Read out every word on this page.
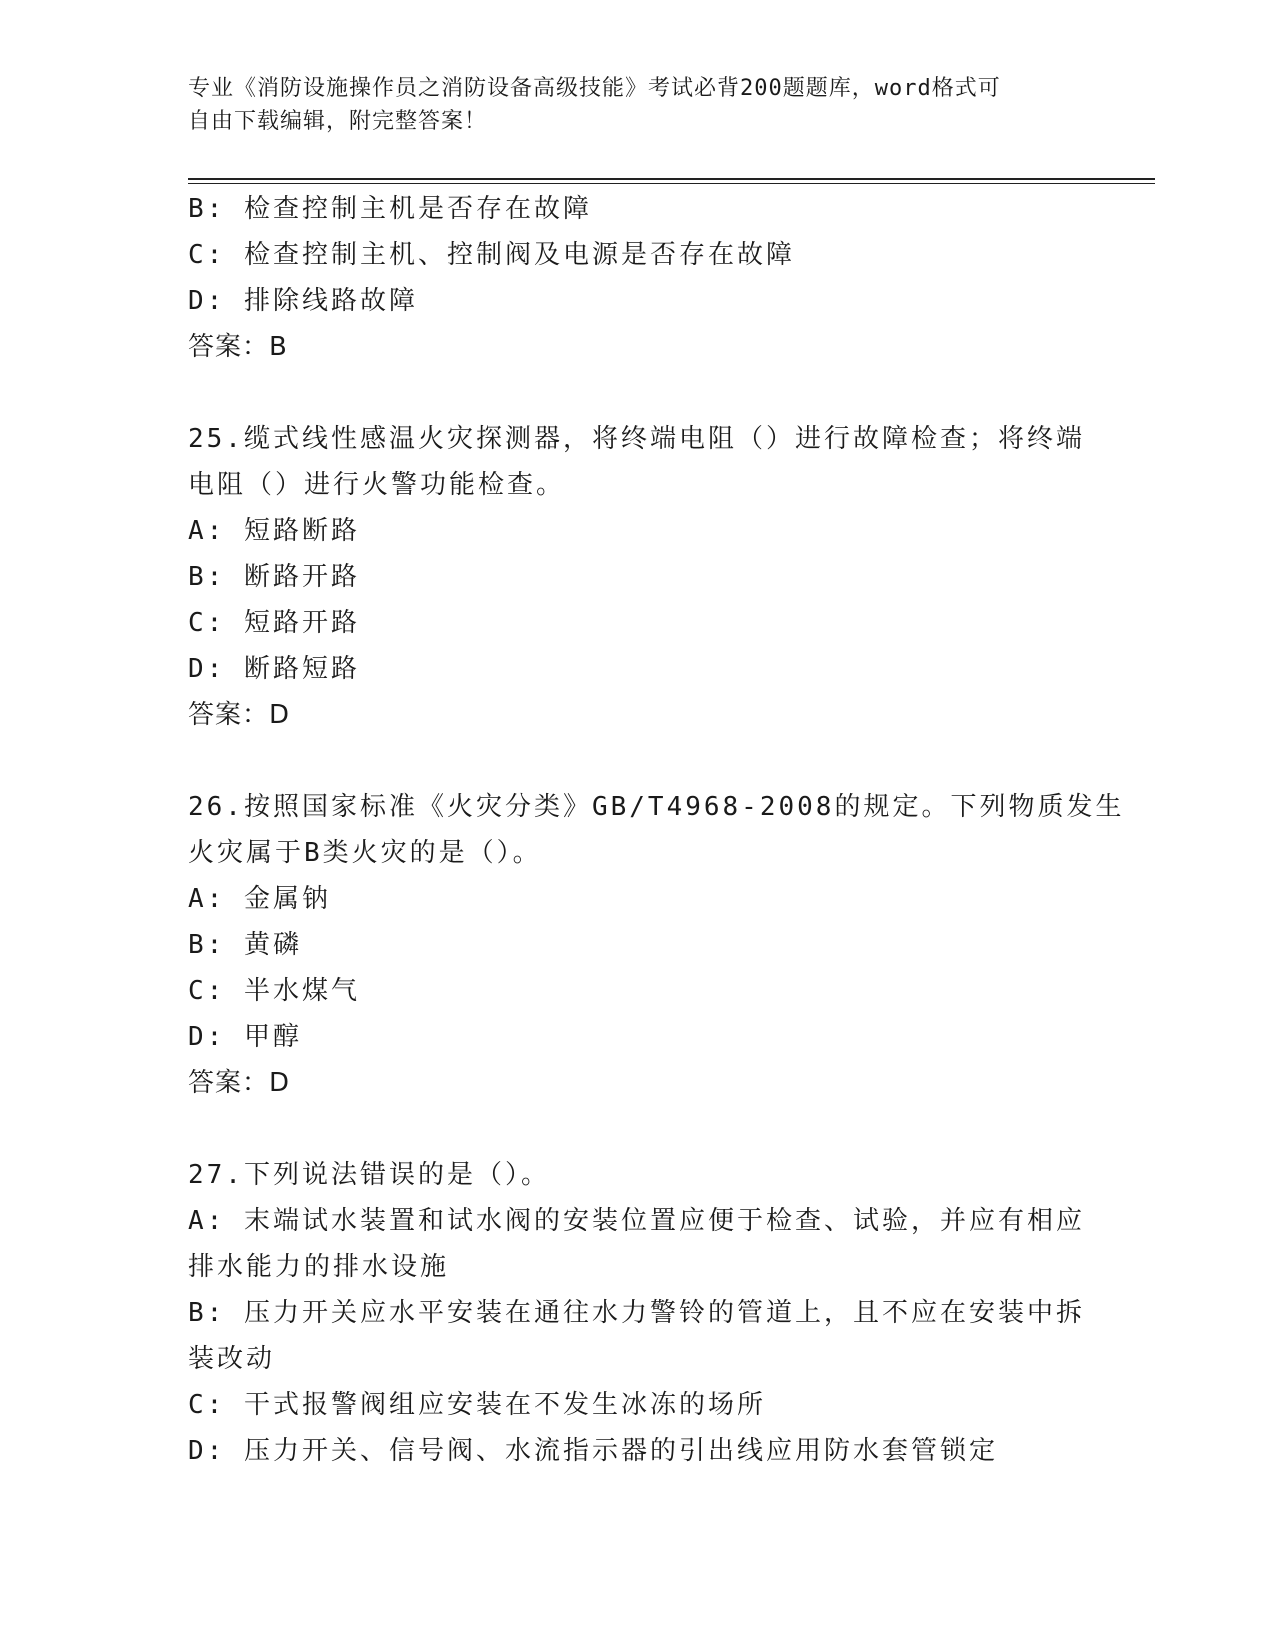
专业《消防设施操作员之消防设备高级技能》考试必背200题题库，word格式可
自由下载编辑，附完整答案！
B: 检查控制主机是否存在故障
C: 检查控制主机、控制阀及电源是否存在故障
D: 排除线路故障
答案：B
25.缆式线性感温火灾探测器，将终端电阻（）进行故障检查；将终端
电阻（）进行火警功能检查。
A: 短路断路
B: 断路开路
C: 短路开路
D: 断路短路
答案：D
26.按照国家标准《火灾分类》GB/T4968-2008的规定。下列物质发生
火灾属于B类火灾的是（）。
A: 金属钠
B: 黄磷
C: 半水煤气
D: 甲醇
答案：D
27.下列说法错误的是（）。
A: 末端试水装置和试水阀的安装位置应便于检查、试验，并应有相应
排水能力的排水设施
B: 压力开关应水平安装在通往水力警铃的管道上，且不应在安装中拆
装改动
C: 干式报警阀组应安装在不发生冰冻的场所
D: 压力开关、信号阀、水流指示器的引出线应用防水套管锁定
